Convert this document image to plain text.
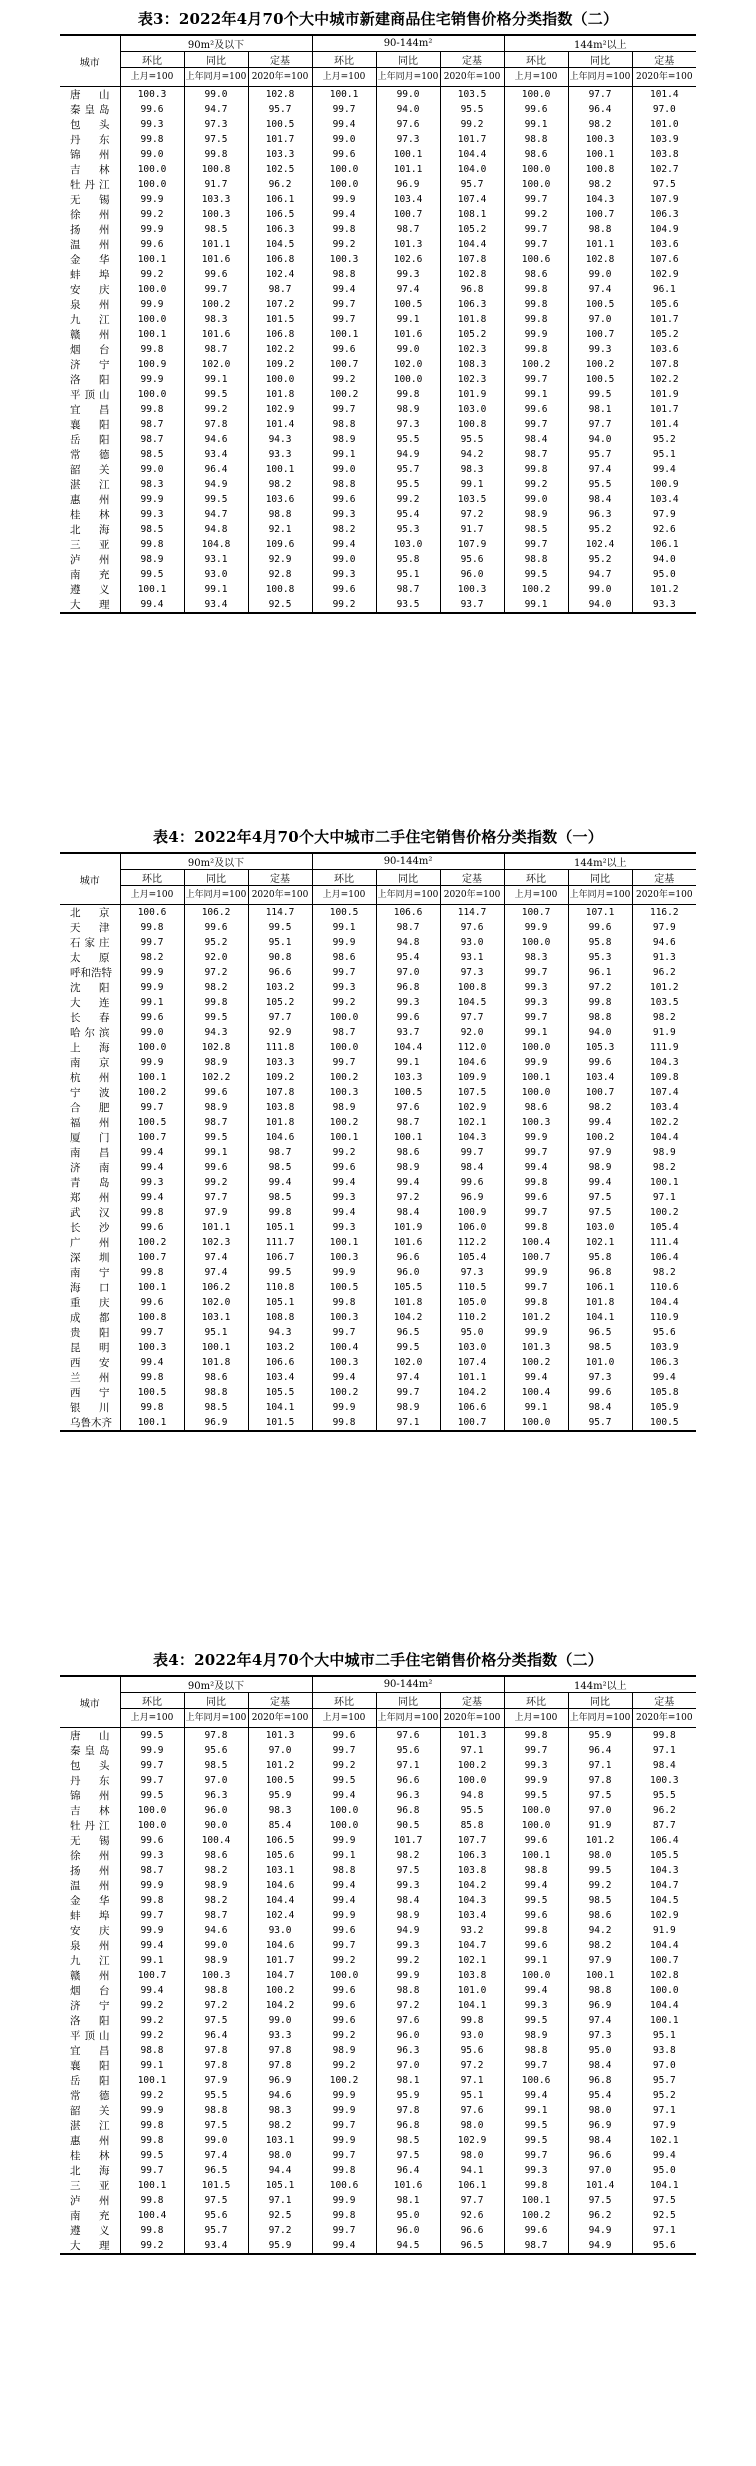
表3：2022年4月70个大中城市新建商品住宅销售价格分类指数（二）
城市	90m²及以下			90-144m²			144m²以上		
	环比	同比	定基	环比	同比	定基	环比	同比	定基
	上月=100	上年同月=100	2020年=100	上月=100	上年同月=100	2020年=100	上月=100	上年同月=100	2020年=100
唐山	100.3	99.0	102.8	100.1	99.0	103.5	100.0	97.7	101.4
秦皇岛	99.6	94.7	95.7	99.7	94.0	95.5	99.6	96.4	97.0
包头	99.3	97.3	100.5	99.4	97.6	99.2	99.1	98.2	101.0
丹东	99.8	97.5	101.7	99.0	97.3	101.7	98.8	100.3	103.9
锦州	99.0	99.8	103.3	99.6	100.1	104.4	98.6	100.1	103.8
吉林	100.0	100.8	102.5	100.0	101.1	104.0	100.0	100.8	102.7
牡丹江	100.0	91.7	96.2	100.0	96.9	95.7	100.0	98.2	97.5
无锡	99.9	103.3	106.1	99.9	103.4	107.4	99.7	104.3	107.9
徐州	99.2	100.3	106.5	99.4	100.7	108.1	99.2	100.7	106.3
扬州	99.9	98.5	106.3	99.8	98.7	105.2	99.7	98.8	104.9
温州	99.6	101.1	104.5	99.2	101.3	104.4	99.7	101.1	103.6
金华	100.1	101.6	106.8	100.3	102.6	107.8	100.6	102.8	107.6
蚌埠	99.2	99.6	102.4	98.8	99.3	102.8	98.6	99.0	102.9
安庆	100.0	99.7	98.7	99.4	97.4	96.8	99.8	97.4	96.1
泉州	99.9	100.2	107.2	99.7	100.5	106.3	99.8	100.5	105.6
九江	100.0	98.3	101.5	99.7	99.1	101.8	99.8	97.0	101.7
赣州	100.1	101.6	106.8	100.1	101.6	105.2	99.9	100.7	105.2
烟台	99.8	98.7	102.2	99.6	99.0	102.3	99.8	99.3	103.6
济宁	100.9	102.0	109.2	100.7	102.0	108.3	100.2	100.2	107.8
洛阳	99.9	99.1	100.0	99.2	100.0	102.3	99.7	100.5	102.2
平顶山	100.0	99.5	101.8	100.2	99.8	101.9	99.1	99.5	101.9
宜昌	99.8	99.2	102.9	99.7	98.9	103.0	99.6	98.1	101.7
襄阳	98.7	97.8	101.4	98.8	97.3	100.8	99.7	97.7	101.4
岳阳	98.7	94.6	94.3	98.9	95.5	95.5	98.4	94.0	95.2
常德	98.5	93.4	93.3	99.1	94.9	94.2	98.7	95.7	95.1
韶关	99.0	96.4	100.1	99.0	95.7	98.3	99.8	97.4	99.4
湛江	98.3	94.9	98.2	98.8	95.5	99.1	99.2	95.5	100.9
惠州	99.9	99.5	103.6	99.6	99.2	103.5	99.0	98.4	103.4
桂林	99.3	94.7	98.8	99.3	95.4	97.2	98.9	96.3	97.9
北海	98.5	94.8	92.1	98.2	95.3	91.7	98.5	95.2	92.6
三亚	99.8	104.8	109.6	99.4	103.0	107.9	99.7	102.4	106.1
泸州	98.9	93.1	92.9	99.0	95.8	95.6	98.8	95.2	94.0
南充	99.5	93.0	92.8	99.3	95.1	96.0	99.5	94.7	95.0
遵义	100.1	99.1	100.8	99.6	98.7	100.3	100.2	99.0	101.2
大理	99.4	93.4	92.5	99.2	93.5	93.7	99.1	94.0	93.3
表4：2022年4月70个大中城市二手住宅销售价格分类指数（一）
城市	90m²及以下			90-144m²			144m²以上		
	环比	同比	定基	环比	同比	定基	环比	同比	定基
	上月=100	上年同月=100	2020年=100	上月=100	上年同月=100	2020年=100	上月=100	上年同月=100	2020年=100
北京	100.6	106.2	114.7	100.5	106.6	114.7	100.7	107.1	116.2
天津	99.8	99.6	99.5	99.1	98.7	97.6	99.9	99.6	97.9
石家庄	99.7	95.2	95.1	99.9	94.8	93.0	100.0	95.8	94.6
太原	98.2	92.0	90.8	98.6	95.4	93.1	98.3	95.3	91.3
呼和浩特	99.9	97.2	96.6	99.7	97.0	97.3	99.7	96.1	96.2
沈阳	99.9	98.2	103.2	99.3	96.8	100.8	99.3	97.2	101.2
大连	99.1	99.8	105.2	99.2	99.3	104.5	99.3	99.8	103.5
长春	99.6	99.5	97.7	100.0	99.6	97.7	99.7	98.8	98.2
哈尔滨	99.0	94.3	92.9	98.7	93.7	92.0	99.1	94.0	91.9
上海	100.0	102.8	111.8	100.0	104.4	112.0	100.0	105.3	111.9
南京	99.9	98.9	103.3	99.7	99.1	104.6	99.9	99.6	104.3
杭州	100.1	102.2	109.2	100.2	103.3	109.9	100.1	103.4	109.8
宁波	100.2	99.6	107.8	100.3	100.5	107.5	100.0	100.7	107.4
合肥	99.7	98.9	103.8	98.9	97.6	102.9	98.6	98.2	103.4
福州	100.5	98.7	101.8	100.2	98.7	102.1	100.3	99.4	102.2
厦门	100.7	99.5	104.6	100.1	100.1	104.3	99.9	100.2	104.4
南昌	99.4	99.1	98.7	99.2	98.6	99.7	99.7	97.9	98.9
济南	99.4	99.6	98.5	99.6	98.9	98.4	99.4	98.9	98.2
青岛	99.3	99.2	99.4	99.4	99.4	99.6	99.8	99.4	100.1
郑州	99.4	97.7	98.5	99.3	97.2	96.9	99.6	97.5	97.1
武汉	99.8	97.9	99.8	99.4	98.4	100.9	99.7	97.5	100.2
长沙	99.6	101.1	105.1	99.3	101.9	106.0	99.8	103.0	105.4
广州	100.2	102.3	111.7	100.1	101.6	112.2	100.4	102.1	111.4
深圳	100.7	97.4	106.7	100.3	96.6	105.4	100.7	95.8	106.4
南宁	99.8	97.4	99.5	99.9	96.0	97.3	99.9	96.8	98.2
海口	100.1	106.2	110.8	100.5	105.5	110.5	99.7	106.1	110.6
重庆	99.6	102.0	105.1	99.8	101.8	105.0	99.8	101.8	104.4
成都	100.8	103.1	108.8	100.3	104.2	110.2	101.2	104.1	110.9
贵阳	99.7	95.1	94.3	99.7	96.5	95.0	99.9	96.5	95.6
昆明	100.3	100.1	103.2	100.4	99.5	103.0	101.3	98.5	103.9
西安	99.4	101.8	106.6	100.3	102.0	107.4	100.2	101.0	106.3
兰州	99.8	98.6	103.4	99.4	97.4	101.1	99.4	97.3	99.4
西宁	100.5	98.8	105.5	100.2	99.7	104.2	100.4	99.6	105.8
银川	99.8	98.5	104.1	99.9	98.9	106.6	99.1	98.4	105.9
乌鲁木齐	100.1	96.9	101.5	99.8	97.1	100.7	100.0	95.7	100.5
表4：2022年4月70个大中城市二手住宅销售价格分类指数（二）
城市	90m²及以下			90-144m²			144m²以上		
	环比	同比	定基	环比	同比	定基	环比	同比	定基
	上月=100	上年同月=100	2020年=100	上月=100	上年同月=100	2020年=100	上月=100	上年同月=100	2020年=100
唐山	99.5	97.8	101.3	99.6	97.6	101.3	99.8	95.9	99.8
秦皇岛	99.9	95.6	97.0	99.7	95.6	97.1	99.7	96.4	97.1
包头	99.7	98.5	101.2	99.2	97.1	100.2	99.3	97.1	98.4
丹东	99.7	97.0	100.5	99.5	96.6	100.0	99.9	97.8	100.3
锦州	99.5	96.3	95.9	99.4	96.3	94.8	99.5	97.5	95.5
吉林	100.0	96.0	98.3	100.0	96.8	95.5	100.0	97.0	96.2
牡丹江	100.0	90.0	85.4	100.0	90.5	85.8	100.0	91.9	87.7
无锡	99.6	100.4	106.5	99.9	101.7	107.7	99.6	101.2	106.4
徐州	99.3	98.6	105.6	99.1	98.2	106.3	100.1	98.0	105.5
扬州	98.7	98.2	103.1	98.8	97.5	103.8	98.8	99.5	104.3
温州	99.9	98.9	104.6	99.4	99.3	104.2	99.4	99.2	104.7
金华	99.8	98.2	104.4	99.4	98.4	104.3	99.5	98.5	104.5
蚌埠	99.7	98.7	102.4	99.9	98.9	103.4	99.6	98.6	102.9
安庆	99.9	94.6	93.0	99.6	94.9	93.2	99.8	94.2	91.9
泉州	99.4	99.0	104.6	99.7	99.3	104.7	99.6	98.2	104.4
九江	99.1	98.9	101.7	99.2	99.2	102.1	99.1	97.9	100.7
赣州	100.7	100.3	104.7	100.0	99.9	103.8	100.0	100.1	102.8
烟台	99.4	98.8	100.2	99.6	98.8	101.0	99.4	98.8	100.0
济宁	99.2	97.2	104.2	99.6	97.2	104.1	99.3	96.9	104.4
洛阳	99.2	97.5	99.0	99.6	97.6	99.8	99.5	97.4	100.1
平顶山	99.2	96.4	93.3	99.2	96.0	93.0	98.9	97.3	95.1
宜昌	98.8	97.8	97.8	98.9	96.3	95.6	98.8	95.0	93.8
襄阳	99.1	97.8	97.8	99.2	97.0	97.2	99.7	98.4	97.0
岳阳	100.1	97.9	96.9	100.2	98.1	97.1	100.6	96.8	95.7
常德	99.2	95.5	94.6	99.9	95.9	95.1	99.4	95.4	95.2
韶关	99.9	98.8	98.3	99.9	97.8	97.6	99.1	98.0	97.1
湛江	99.8	97.5	98.2	99.7	96.8	98.0	99.5	96.9	97.9
惠州	99.8	99.0	103.1	99.9	98.5	102.9	99.5	98.4	102.1
桂林	99.5	97.4	98.0	99.7	97.5	98.0	99.7	96.6	99.4
北海	99.7	96.5	94.4	99.8	96.4	94.1	99.3	97.0	95.0
三亚	100.1	101.5	105.1	100.6	101.6	106.1	99.8	101.4	104.1
泸州	99.8	97.5	97.1	99.9	98.1	97.7	100.1	97.5	97.5
南充	100.4	95.6	92.5	99.8	95.0	92.6	100.2	96.2	92.5
遵义	99.8	95.7	97.2	99.7	96.0	96.6	99.6	94.9	97.1
大理	99.2	93.4	95.9	99.4	94.5	96.5	98.7	94.9	95.6
